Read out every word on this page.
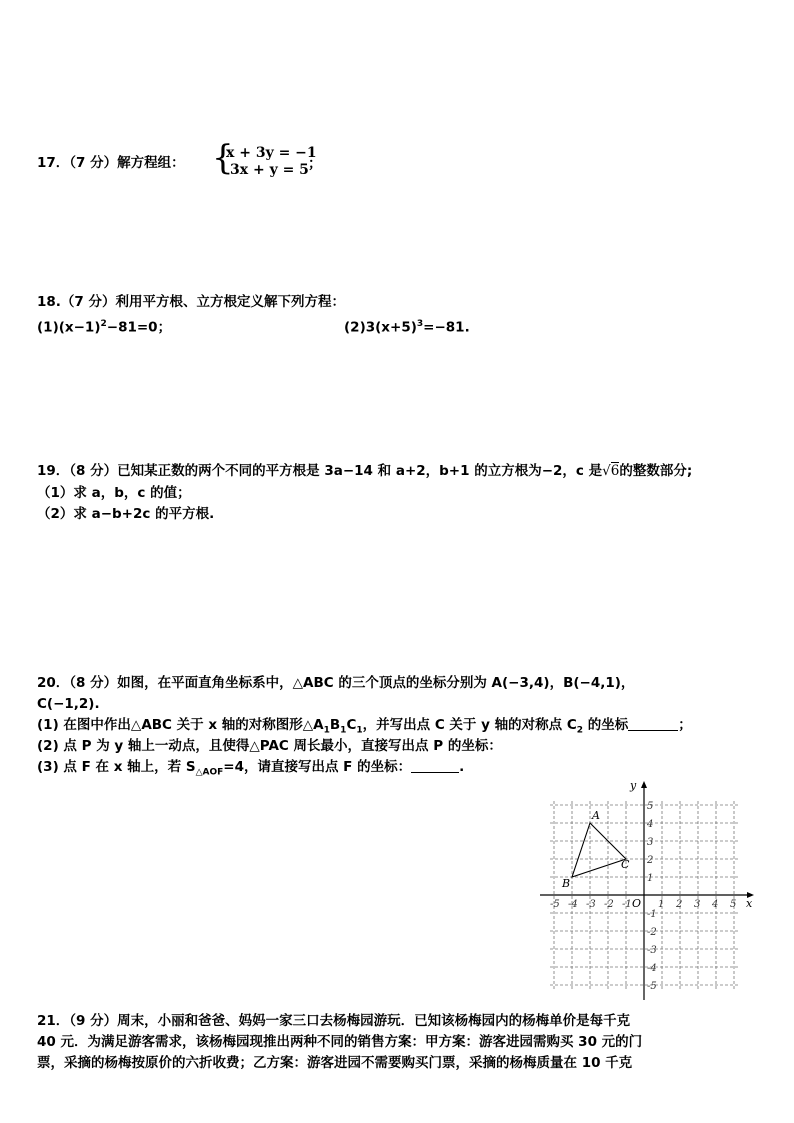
17．（7 分）解方程组： {
x + 3y = −1
3x + y = 5 ；
18.（7 分）利用平方根、立方根定义解下列方程：
$(1)(x-1)^2-81=0$；	$(2)3(x+5)^3=-81$.
19．（8 分）已知某正数的两个不同的平方根是 3a−14 和 a+2，b+1 的立方根为−2，c 是√6的整数部分;
（1）求 a，b，c 的值；
（2）求 a−b+2c 的平方根.
20．（8 分）如图，在平面直角坐标系中，△ABC 的三个顶点的坐标分别为 A(−3,4)，B(−4,1)，
C(−1,2).
(1) 在图中作出△ABC 关于 x 轴的对称图形$\triangle A_1B_1C_1$，并写出点 C 关于 y 轴的对称点 $C_2$ 的坐标	；
(2) 点 P 为 y 轴上一动点，且使得△PAC 周长最小，直接写出点 P 的坐标：
(3) 点 F 在 x 轴上，若 $S_{\triangle AOF}=4$，请直接写出点 F 的坐标：	.
x
y
O
-5 -4 -3 -2 -1	1 2 3 4 5
5
4
3
2
1
-1
-2
-3
-4
-5
A
B
C
21．（9 分）周末，小丽和爸爸、妈妈一家三口去杨梅园游玩．已知该杨梅园内的杨梅单价是每千克
40 元．为满足游客需求，该杨梅园现推出两种不同的销售方案：甲方案：游客进园需购买 30 元的门
票，采摘的杨梅按原价的六折收费；乙方案：游客进园不需要购买门票，采摘的杨梅质量在 10 千克
